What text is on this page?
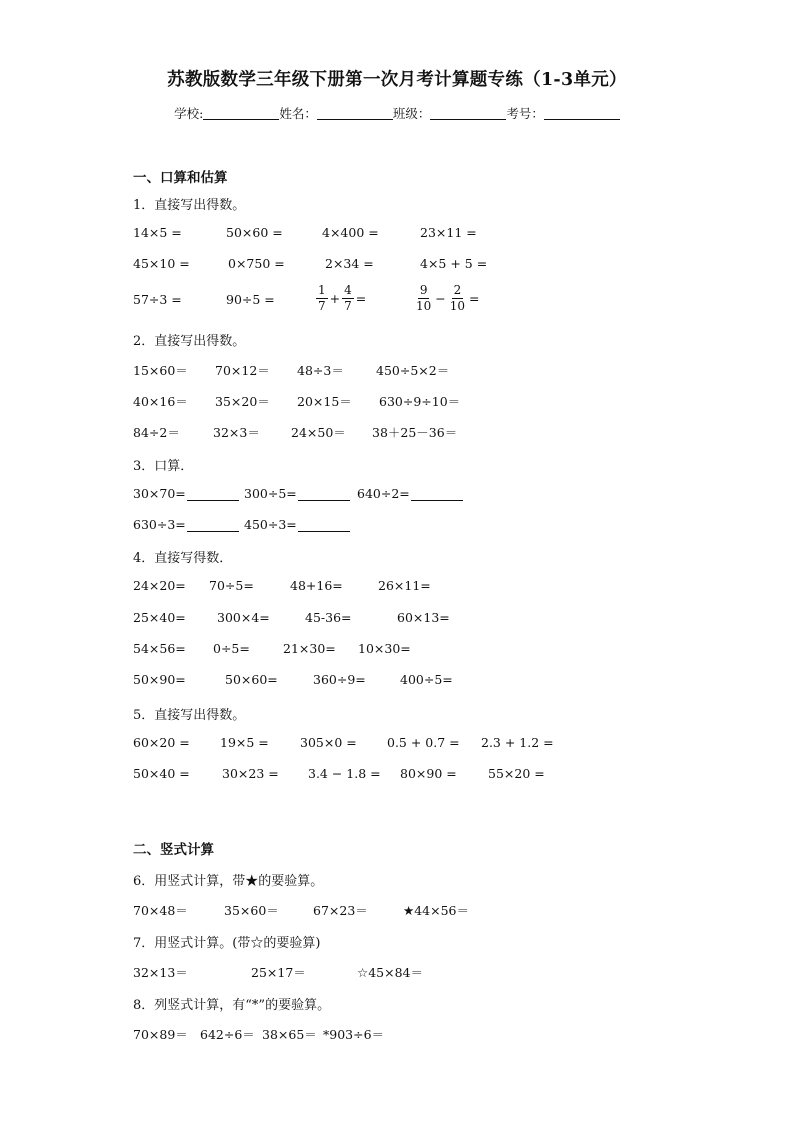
苏教版数学三年级下册第一次月考计算题专练（1-3单元）
学校:	姓名：	班级：	考号：
一、口算和估算
1．直接写出得数。
14×5 =	50×60 =	4×400 =	23×11 =
45×10 =	0×750 =	2×34 =	4×5 + 5 =
57÷3 =	90÷5 =	$\frac{1}{7} + \frac{4}{7}$ =	$\frac{9}{10} - \frac{2}{10}$ =
2．直接写出得数。
15×60＝ 70×12＝ 48÷3＝	450÷5×2＝
40×16＝ 35×20＝ 20×15＝ 630÷9÷10＝
84÷2＝	32×3＝ 24×50＝ 38＋25－36＝
3．口算．
30×70=	300÷5=	640÷2=
630÷3=	450÷3=
4．直接写得数．
24×20= 70÷5=	48+16=	26×11=
25×40= 300×4=	45-36=	60×13=
54×56= 0÷5=	21×30= 10×30=
50×90=	50×60=	360÷9=	400÷5=
5．直接写出得数。
60×20 = 19×5 = 305×0 = 0.5 + 0.7 = 2.3 + 1.2 =
50×40 =	30×23 = 3.4 − 1.8 = 80×90 =	55×20 =
二、竖式计算
6．用竖式计算，带★的要验算。
70×48＝	35×60＝	67×23＝	★44×56＝
7．用竖式计算。(带☆的要验算)
32×13＝	25×17＝	☆45×84＝
8．列竖式计算，有“*”的要验算。
70×89＝ 642÷6＝ 38×65＝ *903÷6＝
